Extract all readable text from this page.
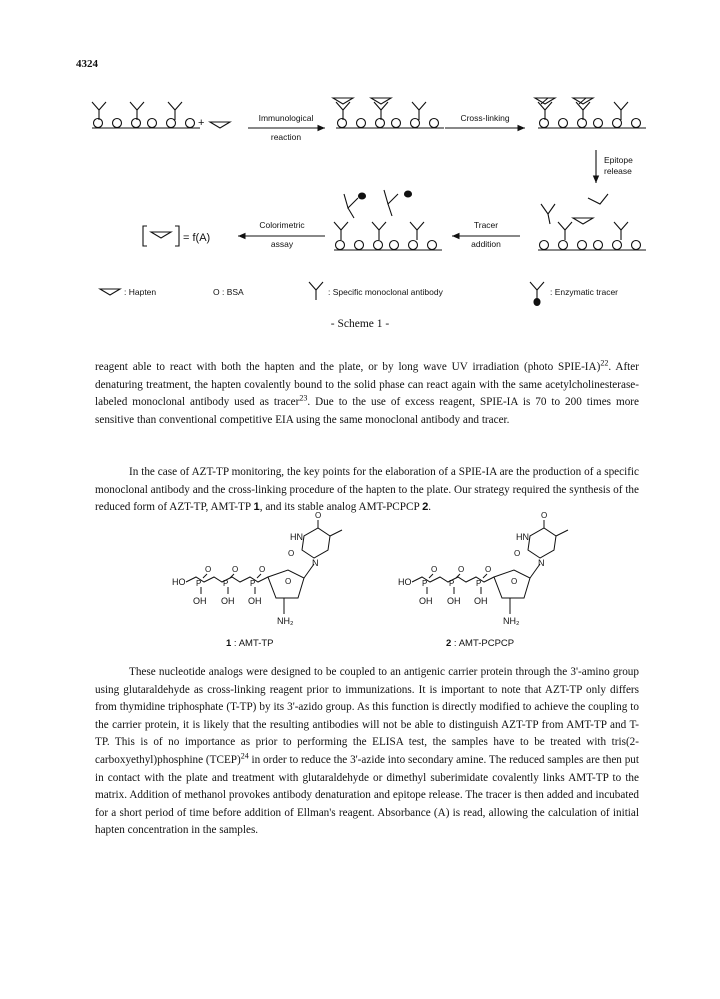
4324
+	Immunological
reaction
Cross-linking
Epitope
release
Tracer
addition
Colorimetric
assay
= f(A)
: Hapten	O : BSA	: Specific monoclonal antibody	: Enzymatic tracer
- Scheme 1 -

reagent able to react with both the hapten and the plate, or by long wave UV irradiation (photo SPIE-IA)$^{22}$. After denaturing treatment, the hapten covalently bound to the solid phase can react again with the same acetylcholinesterase-labeled monoclonal antibody used as tracer$^{23}$. Due to the use of excess reagent, SPIE-IA is 70 to 200 times more sensitive than conventional competitive EIA using the same monoclonal antibody and tracer.

In the case of AZT-TP monitoring, the key points for the elaboration of a SPIE-IA are the production of a specific monoclonal antibody and the cross-linking procedure of the hapten to the plate. Our strategy required the synthesis of the reduced form of AZT-TP, AMT-TP 1, and its stable analog AMT-PCPCP 2.

HO P	P	P
O	O	O
OH OH OH
O
NH₂
N
HN
O
O
1 : AMT-TP
HO P	P	P
O	O	O
OH OH OH
O
NH₂
N
HN
O
O
2 : AMT-PCPCP

These nucleotide analogs were designed to be coupled to an antigenic carrier protein through the 3'-amino group using glutaraldehyde as cross-linking reagent prior to immunizations. It is important to note that AZT-TP only differs from thymidine triphosphate (T-TP) by its 3'-azido group. As this function is directly modified to achieve the coupling to the carrier protein, it is likely that the resulting antibodies will not be able to distinguish AZT-TP from AMT-TP and T-TP. This is of no importance as prior to performing the ELISA test, the samples have to be treated with tris(2-carboxyethyl)phosphine (TCEP)$^{24}$ in order to reduce the 3'-azide into secondary amine. The reduced samples are then put in contact with the plate and treatment with glutaraldehyde or dimethyl suberimidate covalently links AMT-TP to the matrix. Addition of methanol provokes antibody denaturation and epitope release. The tracer is then added and incubated for a short period of time before addition of Ellman's reagent. Absorbance (A) is read, allowing the calculation of initial hapten concentration in the samples.
